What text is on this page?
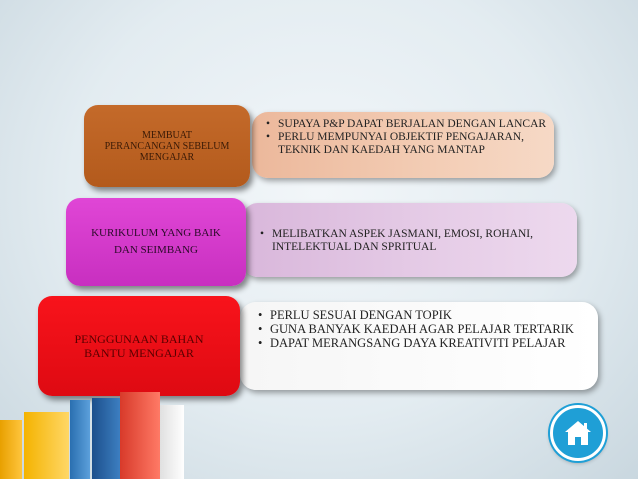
• SUPAYA P&P DAPAT BERJALAN DENGAN LANCAR
• PERLU MEMPUNYAI OBJEKTIF PENGAJARAN, TEKNIK DAN KAEDAH YANG MANTAP
MEMBUAT
PERANCANGAN SEBELUM
MENGAJAR
• MELIBATKAN ASPEK JASMANI, EMOSI, ROHANI, INTELEKTUAL DAN SPRITUAL
KURIKULUM YANG BAIK
DAN SEIMBANG
• PERLU SESUAI DENGAN TOPIK
• GUNA BANYAK KAEDAH AGAR PELAJAR TERTARIK
• DAPAT MERANGSANG DAYA KREATIVITI PELAJAR
PENGGUNAAN BAHAN
BANTU MENGAJAR
